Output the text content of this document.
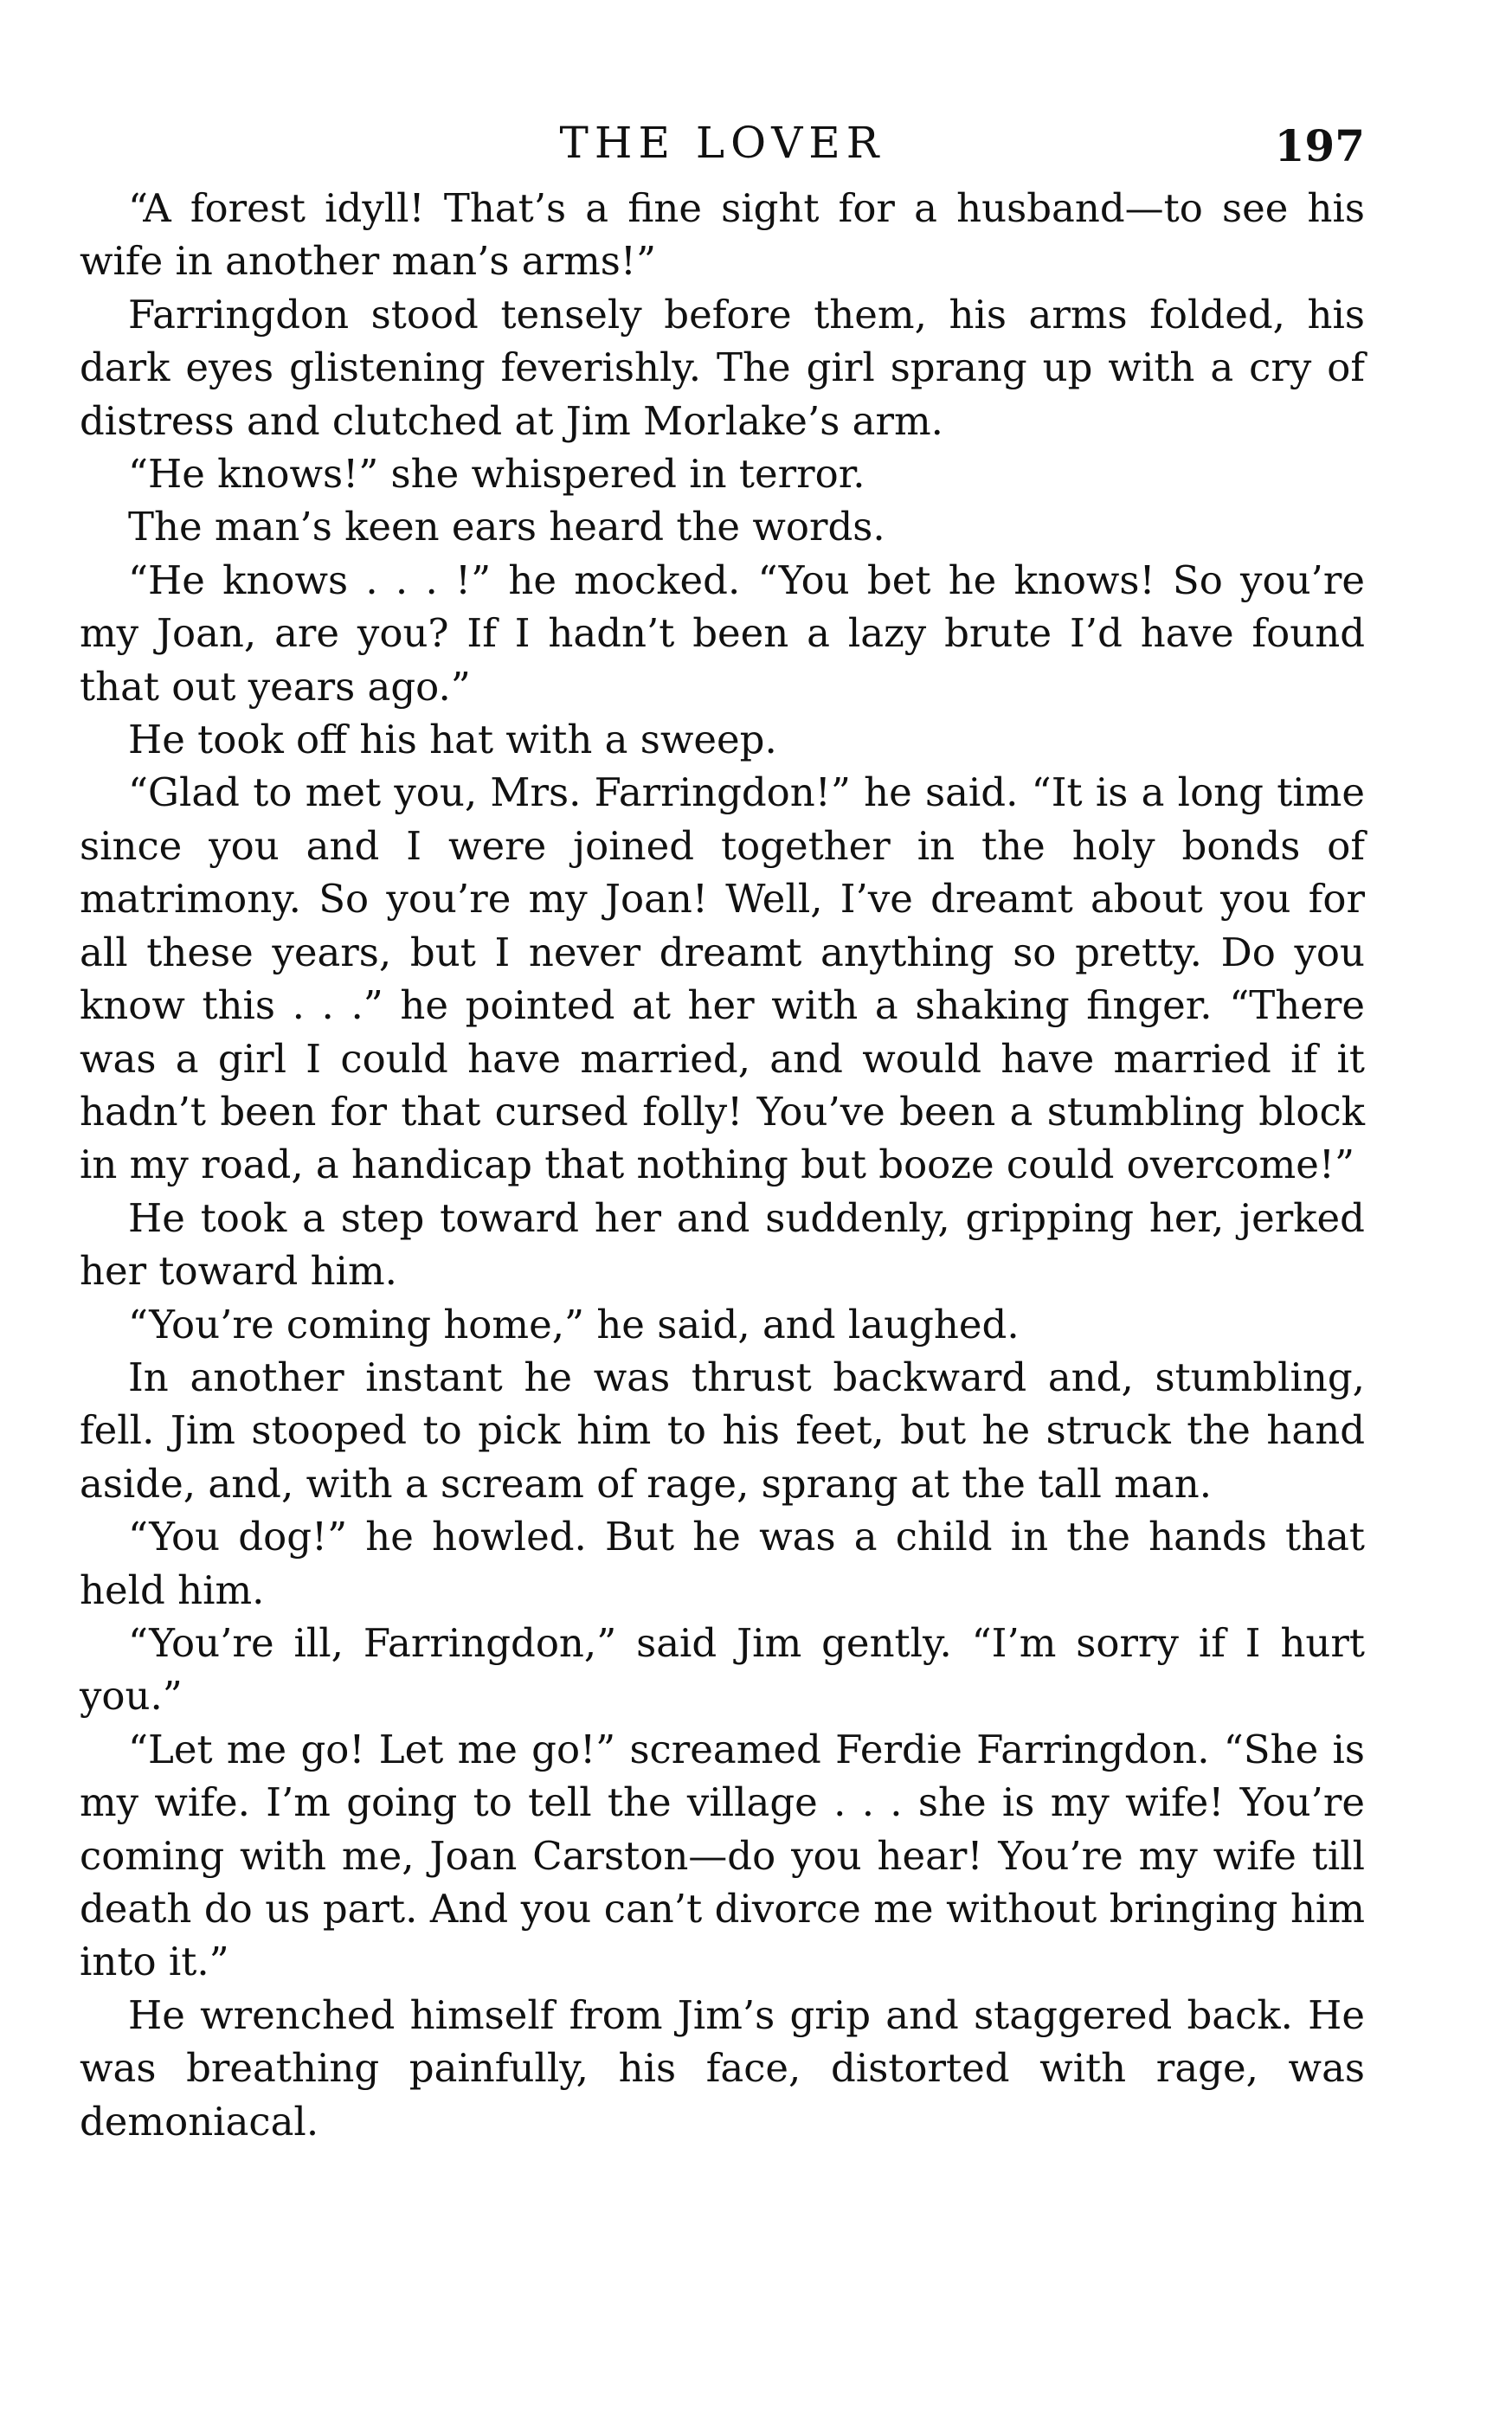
THE LOVER	197

“A forest idyll! That’s a fine sight for a husband—to see his wife in another man’s arms!”

Farringdon stood tensely before them, his arms folded, his dark eyes glistening feverishly. The girl sprang up with a cry of distress and clutched at Jim Morlake’s arm.

“He knows!” she whispered in terror.

The man’s keen ears heard the words.

“He knows . . . !” he mocked. “You bet he knows! So you’re my Joan, are you? If I hadn’t been a lazy brute I’d have found that out years ago.”

He took off his hat with a sweep.

“Glad to met you, Mrs. Farringdon!” he said. “It is a long time since you and I were joined together in the holy bonds of matrimony. So you’re my Joan! Well, I’ve dreamt about you for all these years, but I never dreamt anything so pretty. Do you know this . . .” he pointed at her with a shaking finger. “There was a girl I could have married, and would have married if it hadn’t been for that cursed folly! You’ve been a stumbling block in my road, a handicap that nothing but booze could overcome!”

He took a step toward her and suddenly, gripping her, jerked her toward him.

“You’re coming home,” he said, and laughed.

In another instant he was thrust backward and, stumbling, fell. Jim stooped to pick him to his feet, but he struck the hand aside, and, with a scream of rage, sprang at the tall man.

“You dog!” he howled. But he was a child in the hands that held him.

“You’re ill, Farringdon,” said Jim gently. “I’m sorry if I hurt you.”

“Let me go! Let me go!” screamed Ferdie Farringdon. “She is my wife. I’m going to tell the village . . . she is my wife! You’re coming with me, Joan Carston—do you hear! You’re my wife till death do us part. And you can’t divorce me without bringing him into it.”

He wrenched himself from Jim’s grip and staggered back. He was breathing painfully, his face, distorted with rage, was demoniacal.
